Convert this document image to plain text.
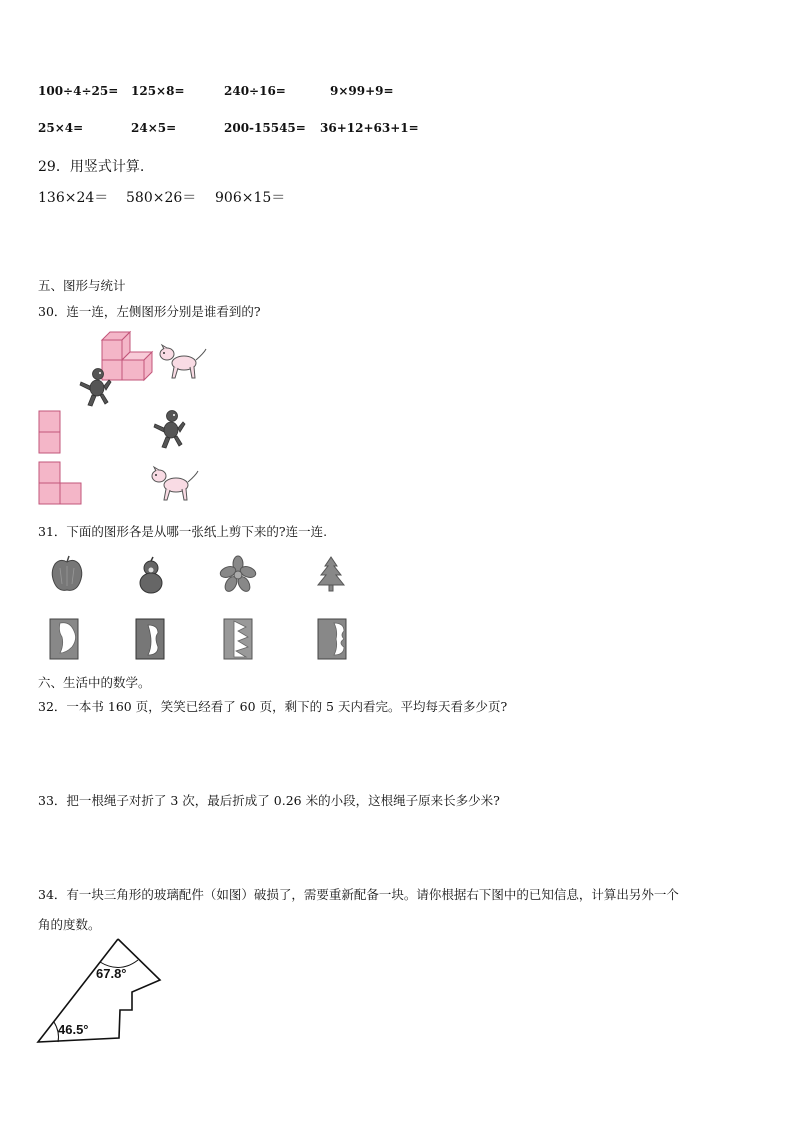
100÷4÷25= 125×8=	240÷16=	9×99+9=
25×4=	24×5=	200-15545= 36+12+63+1=
29．用竖式计算.
136×24＝ 580×26＝ 906×15＝
五、图形与统计
30．连一连，左侧图形分别是谁看到的?
31．下面的图形各是从哪一张纸上剪下来的?连一连.
六、生活中的数学。
32．一本书 160 页，笑笑已经看了 60 页，剩下的 5 天内看完。平均每天看多少页?
33．把一根绳子对折了 3 次，最后折成了 0.26 米的小段，这根绳子原来长多少米?
34．有一块三角形的玻璃配件（如图）破损了，需要重新配备一块。请你根据右下图中的已知信息，计算出另外一个
角的度数。
67.8°
46.5°
